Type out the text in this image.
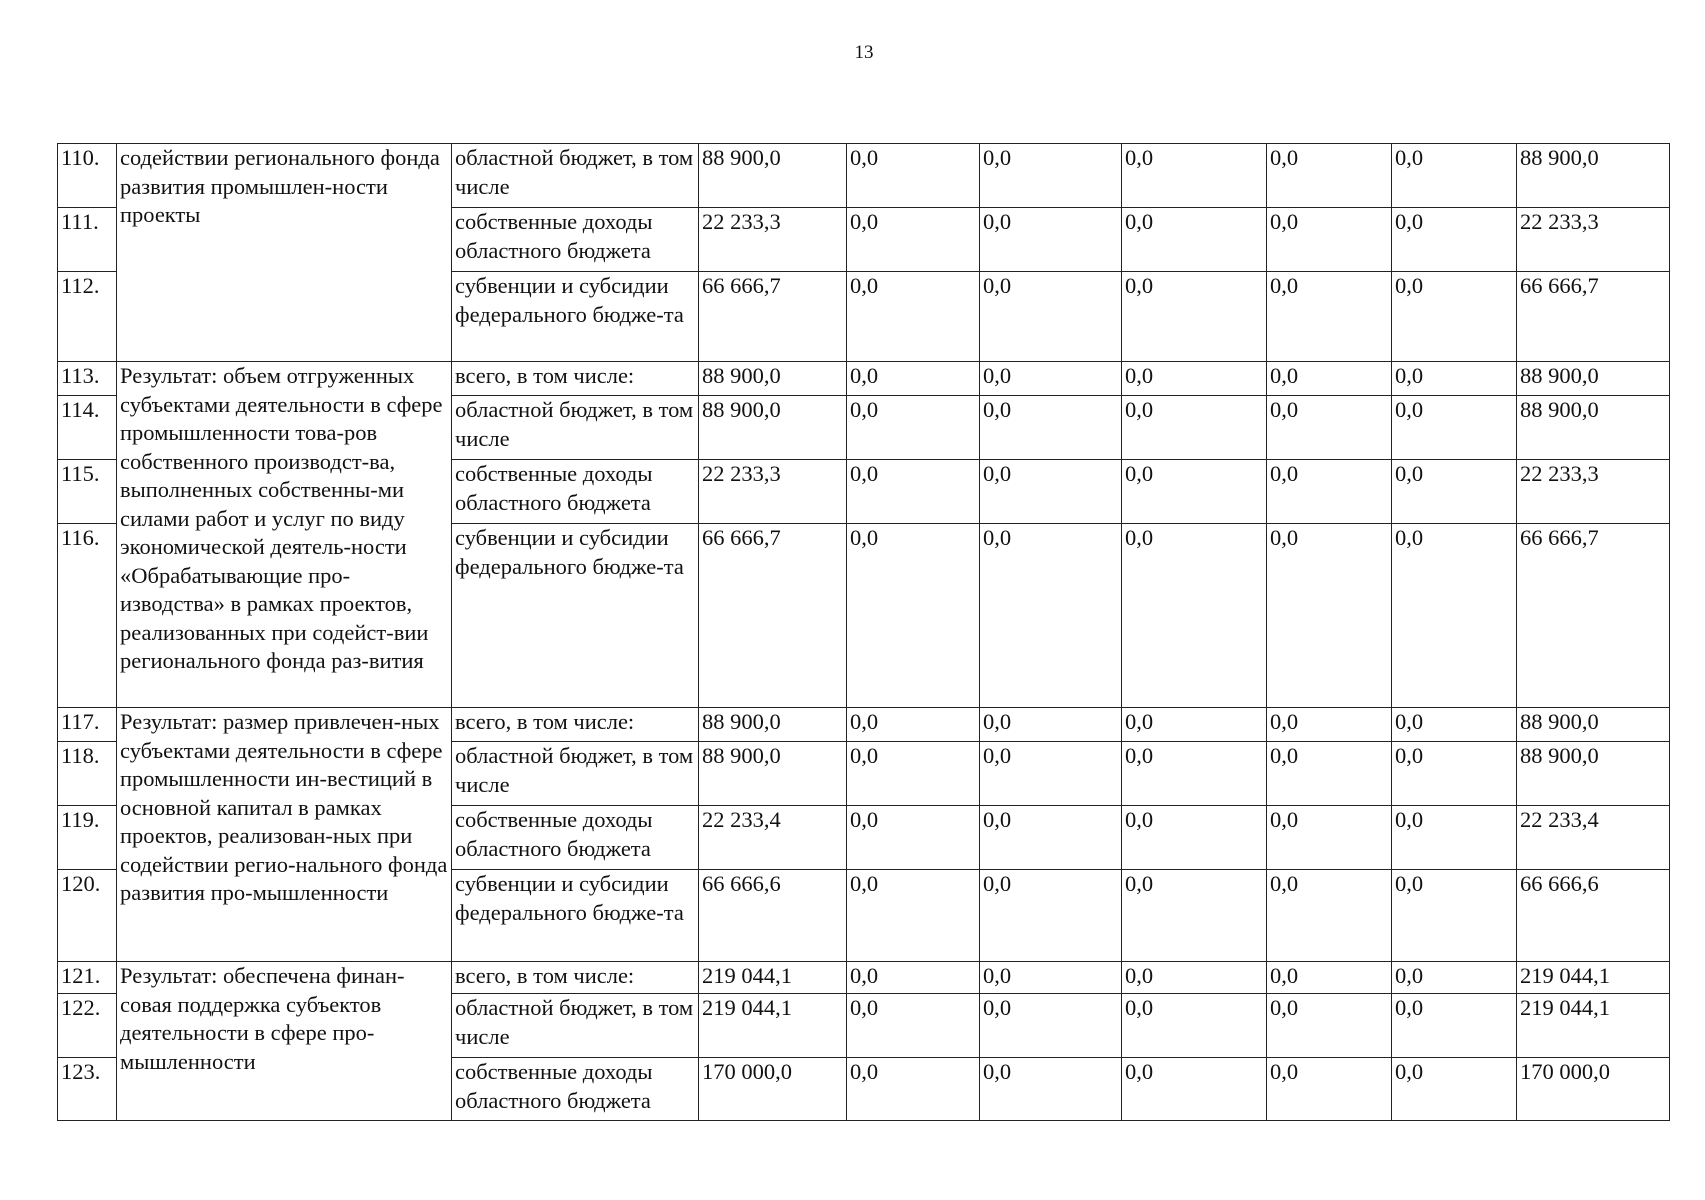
13
110.	содействии регионального фонда развития промышлен-ности проекты	областной бюджет, в том числе	88 900,0	0,0	0,0	0,0	0,0	0,0	88 900,0
111.		собственные доходы областного бюджета	22 233,3	0,0	0,0	0,0	0,0	0,0	22 233,3
112.		субвенции и субсидии федерального бюдже-та	66 666,7	0,0	0,0	0,0	0,0	0,0	66 666,7
113.	Результат: объем отгруженных субъектами деятельности в сфере промышленности това-ров собственного производст-ва, выполненных собственны-ми силами работ и услуг по виду экономической деятель-ности «Обрабатывающие про-изводства» в рамках проектов, реализованных при содейст-вии регионального фонда раз-вития	всего, в том числе:	88 900,0	0,0	0,0	0,0	0,0	0,0	88 900,0
114.		областной бюджет, в том числе	88 900,0	0,0	0,0	0,0	0,0	0,0	88 900,0
115.		собственные доходы областного бюджета	22 233,3	0,0	0,0	0,0	0,0	0,0	22 233,3
116.		субвенции и субсидии федерального бюдже-та	66 666,7	0,0	0,0	0,0	0,0	0,0	66 666,7
117.	Результат: размер привлечен-ных субъектами деятельности в сфере промышленности ин-вестиций в основной капитал в рамках проектов, реализован-ных при содействии регио-нального фонда развития про-мышленности	всего, в том числе:	88 900,0	0,0	0,0	0,0	0,0	0,0	88 900,0
118.		областной бюджет, в том числе	88 900,0	0,0	0,0	0,0	0,0	0,0	88 900,0
119.		собственные доходы областного бюджета	22 233,4	0,0	0,0	0,0	0,0	0,0	22 233,4
120.		субвенции и субсидии федерального бюдже-та	66 666,6	0,0	0,0	0,0	0,0	0,0	66 666,6
121.	Результат: обеспечена финан-совая поддержка субъектов деятельности в сфере про-мышленности	всего, в том числе:	219 044,1	0,0	0,0	0,0	0,0	0,0	219 044,1
122.		областной бюджет, в том числе	219 044,1	0,0	0,0	0,0	0,0	0,0	219 044,1
123.		собственные доходы областного бюджета	170 000,0	0,0	0,0	0,0	0,0	0,0	170 000,0
